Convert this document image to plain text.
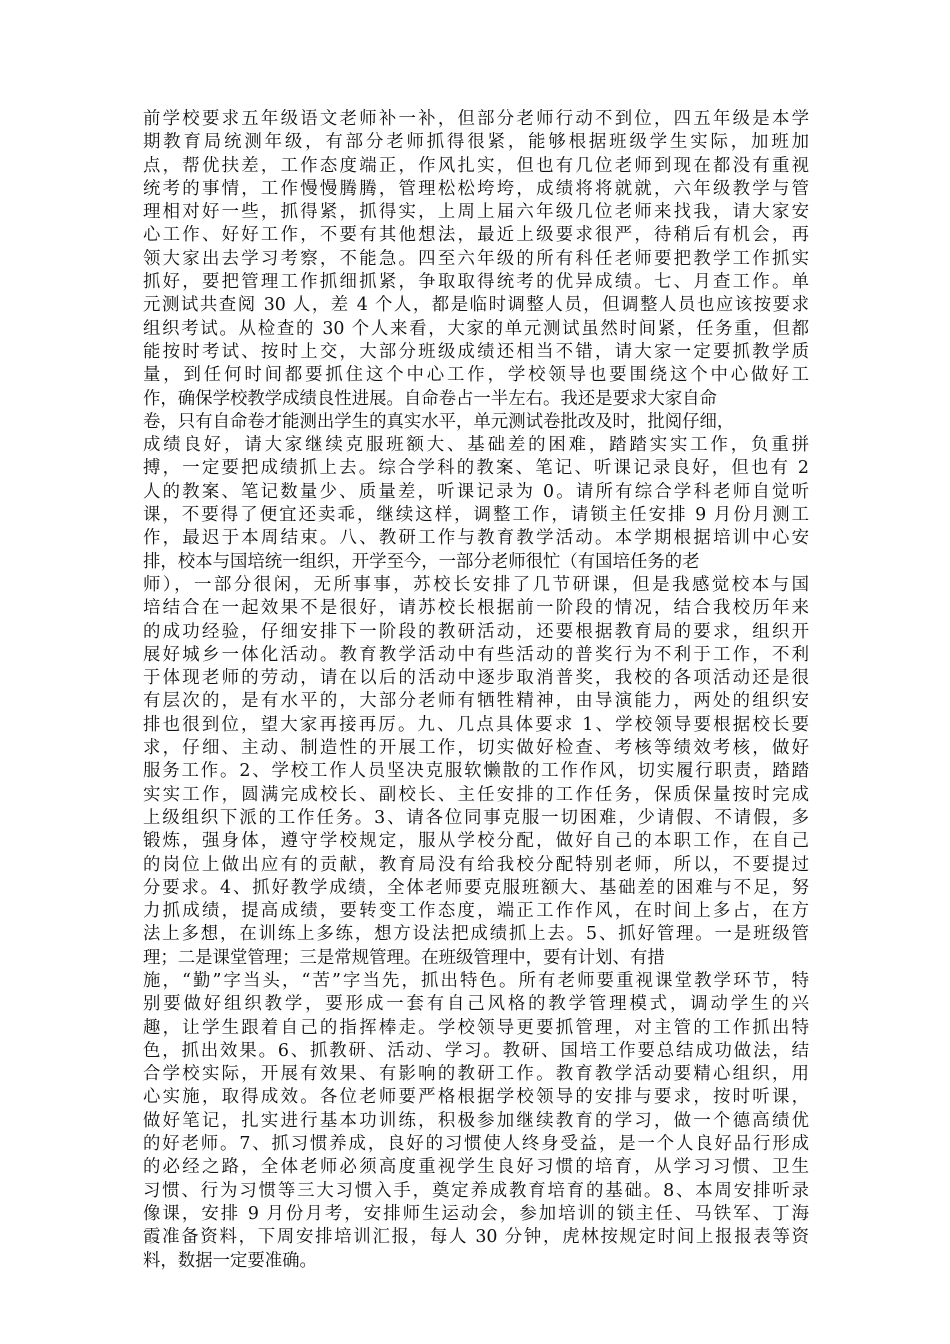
前学校要求五年级语文老师补一补，但部分老师行动不到位，四五年级是本学
期教育局统测年级，有部分老师抓得很紧，能够根据班级学生实际，加班加
点，帮优扶差，工作态度端正，作风扎实，但也有几位老师到现在都没有重视
统考的事情，工作慢慢腾腾，管理松松垮垮，成绩将将就就，六年级教学与管
理相对好一些，抓得紧，抓得实，上周上届六年级几位老师来找我，请大家安
心工作、好好工作，不要有其他想法，最近上级要求很严，待稍后有机会，再
领大家出去学习考察，不能急。四至六年级的所有科任老师要把教学工作抓实
抓好，要把管理工作抓细抓紧，争取取得统考的优异成绩。七、月查工作。单
元测试共查阅 30 人，差 4 个人，都是临时调整人员，但调整人员也应该按要求
组织考试。从检查的 30 个人来看，大家的单元测试虽然时间紧，任务重，但都
能按时考试、按时上交，大部分班级成绩还相当不错，请大家一定要抓教学质
量，到任何时间都要抓住这个中心工作，学校领导也要围绕这个中心做好工
作，确保学校教学成绩良性进展。自命卷占一半左右。我还是要求大家自命
卷，只有自命卷才能测出学生的真实水平，单元测试卷批改及时，批阅仔细，
成绩良好，请大家继续克服班额大、基础差的困难，踏踏实实工作，负重拼
搏，一定要把成绩抓上去。综合学科的教案、笔记、听课记录良好，但也有 2
人的教案、笔记数量少、质量差，听课记录为 0。请所有综合学科老师自觉听
课，不要得了便宜还卖乖，继续这样，调整工作，请锁主任安排 9 月份月测工
作，最迟于本周结束。八、教研工作与教育教学活动。本学期根据培训中心安
排，校本与国培统一组织，开学至今，一部分老师很忙（有国培任务的老
师），一部分很闲，无所事事，苏校长安排了几节研课，但是我感觉校本与国
培结合在一起效果不是很好，请苏校长根据前一阶段的情况，结合我校历年来
的成功经验，仔细安排下一阶段的教研活动，还要根据教育局的要求，组织开
展好城乡一体化活动。教育教学活动中有些活动的普奖行为不利于工作，不利
于体现老师的劳动，请在以后的活动中逐步取消普奖，我校的各项活动还是很
有层次的，是有水平的，大部分老师有牺牲精神，由导演能力，两处的组织安
排也很到位，望大家再接再厉。九、几点具体要求 1、学校领导要根据校长要
求，仔细、主动、制造性的开展工作，切实做好检查、考核等绩效考核，做好
服务工作。2、学校工作人员坚决克服软懒散的工作作风，切实履行职责，踏踏
实实工作，圆满完成校长、副校长、主任安排的工作任务，保质保量按时完成
上级组织下派的工作任务。3、请各位同事克服一切困难，少请假、不请假，多
锻炼，强身体，遵守学校规定，服从学校分配，做好自己的本职工作，在自己
的岗位上做出应有的贡献，教育局没有给我校分配特别老师，所以，不要提过
分要求。4、抓好教学成绩，全体老师要克服班额大、基础差的困难与不足，努
力抓成绩，提高成绩，要转变工作态度，端正工作作风，在时间上多占，在方
法上多想，在训练上多练，想方设法把成绩抓上去。5、抓好管理。一是班级管
理；二是课堂管理；三是常规管理。在班级管理中，要有计划、有措
施，“勤”字当头，“苦”字当先，抓出特色。所有老师要重视课堂教学环节，特
别要做好组织教学，要形成一套有自己风格的教学管理模式，调动学生的兴
趣，让学生跟着自己的指挥棒走。学校领导更要抓管理，对主管的工作抓出特
色，抓出效果。6、抓教研、活动、学习。教研、国培工作要总结成功做法，结
合学校实际，开展有效果、有影响的教研工作。教育教学活动要精心组织，用
心实施，取得成效。各位老师要严格根据学校领导的安排与要求，按时听课，
做好笔记，扎实进行基本功训练，积极参加继续教育的学习，做一个德高绩优
的好老师。7、抓习惯养成，良好的习惯使人终身受益，是一个人良好品行形成
的必经之路，全体老师必须高度重视学生良好习惯的培育，从学习习惯、卫生
习惯、行为习惯等三大习惯入手，奠定养成教育培育的基础。8、本周安排听录
像课，安排 9 月份月考，安排师生运动会，参加培训的锁主任、马铁军、丁海
霞准备资料，下周安排培训汇报，每人 30 分钟，虎林按规定时间上报报表等资
料，数据一定要准确。
